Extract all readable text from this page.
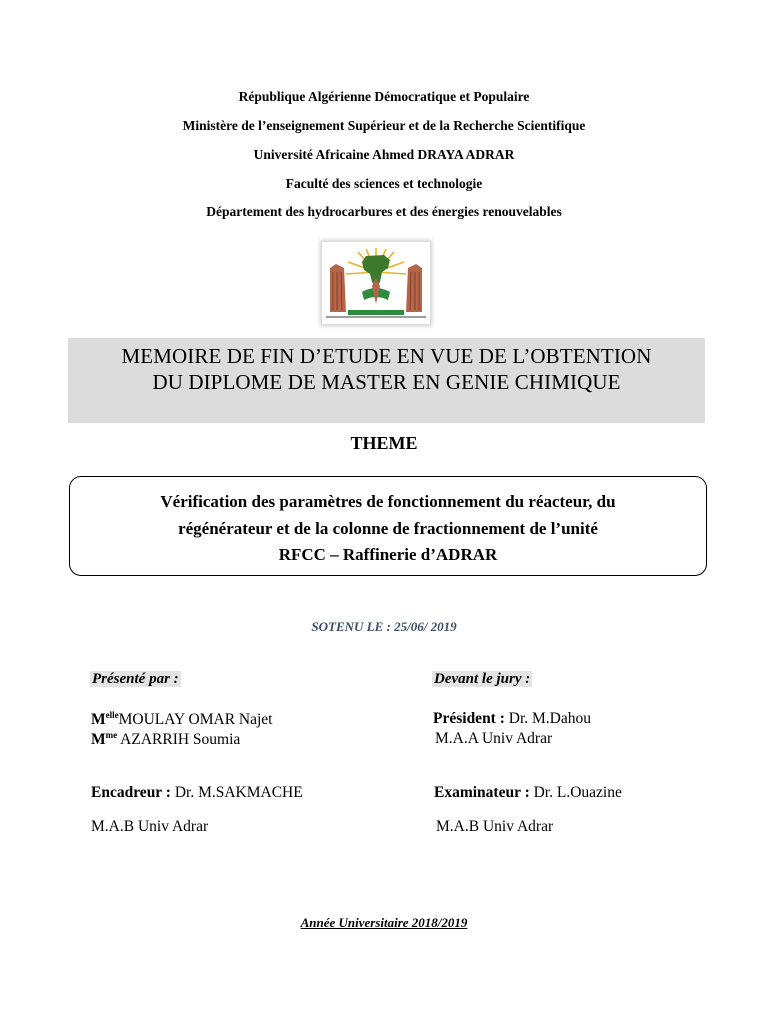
République Algérienne Démocratique et Populaire
Ministère de l’enseignement Supérieur et de la Recherche Scientifique
Université Africaine Ahmed DRAYA ADRAR
Faculté des sciences et technologie
Département des hydrocarbures et des énergies renouvelables
MEMOIRE DE FIN D’ETUDE EN VUE DE L’OBTENTION
DU DIPLOME DE MASTER EN GENIE CHIMIQUE
THEME
Vérification des paramètres de fonctionnement du réacteur, du
régénérateur et de la colonne de fractionnement de l’unité
RFCC – Raffinerie d’ADRAR
SOTENU LE : 25/06/ 2019
Présenté par :
$M^{elle}MOULAY$ OMAR Najet
$M^{me}$ AZARRIH Soumia
Encadreur : Dr. M.SAKMACHE
M.A.B Univ Adrar
Devant le jury :
Président : Dr. M.Dahou
M.A.A Univ Adrar
Examinateur : Dr. L.Ouazine
M.A.B Univ Adrar
Année Universitaire 2018/2019
